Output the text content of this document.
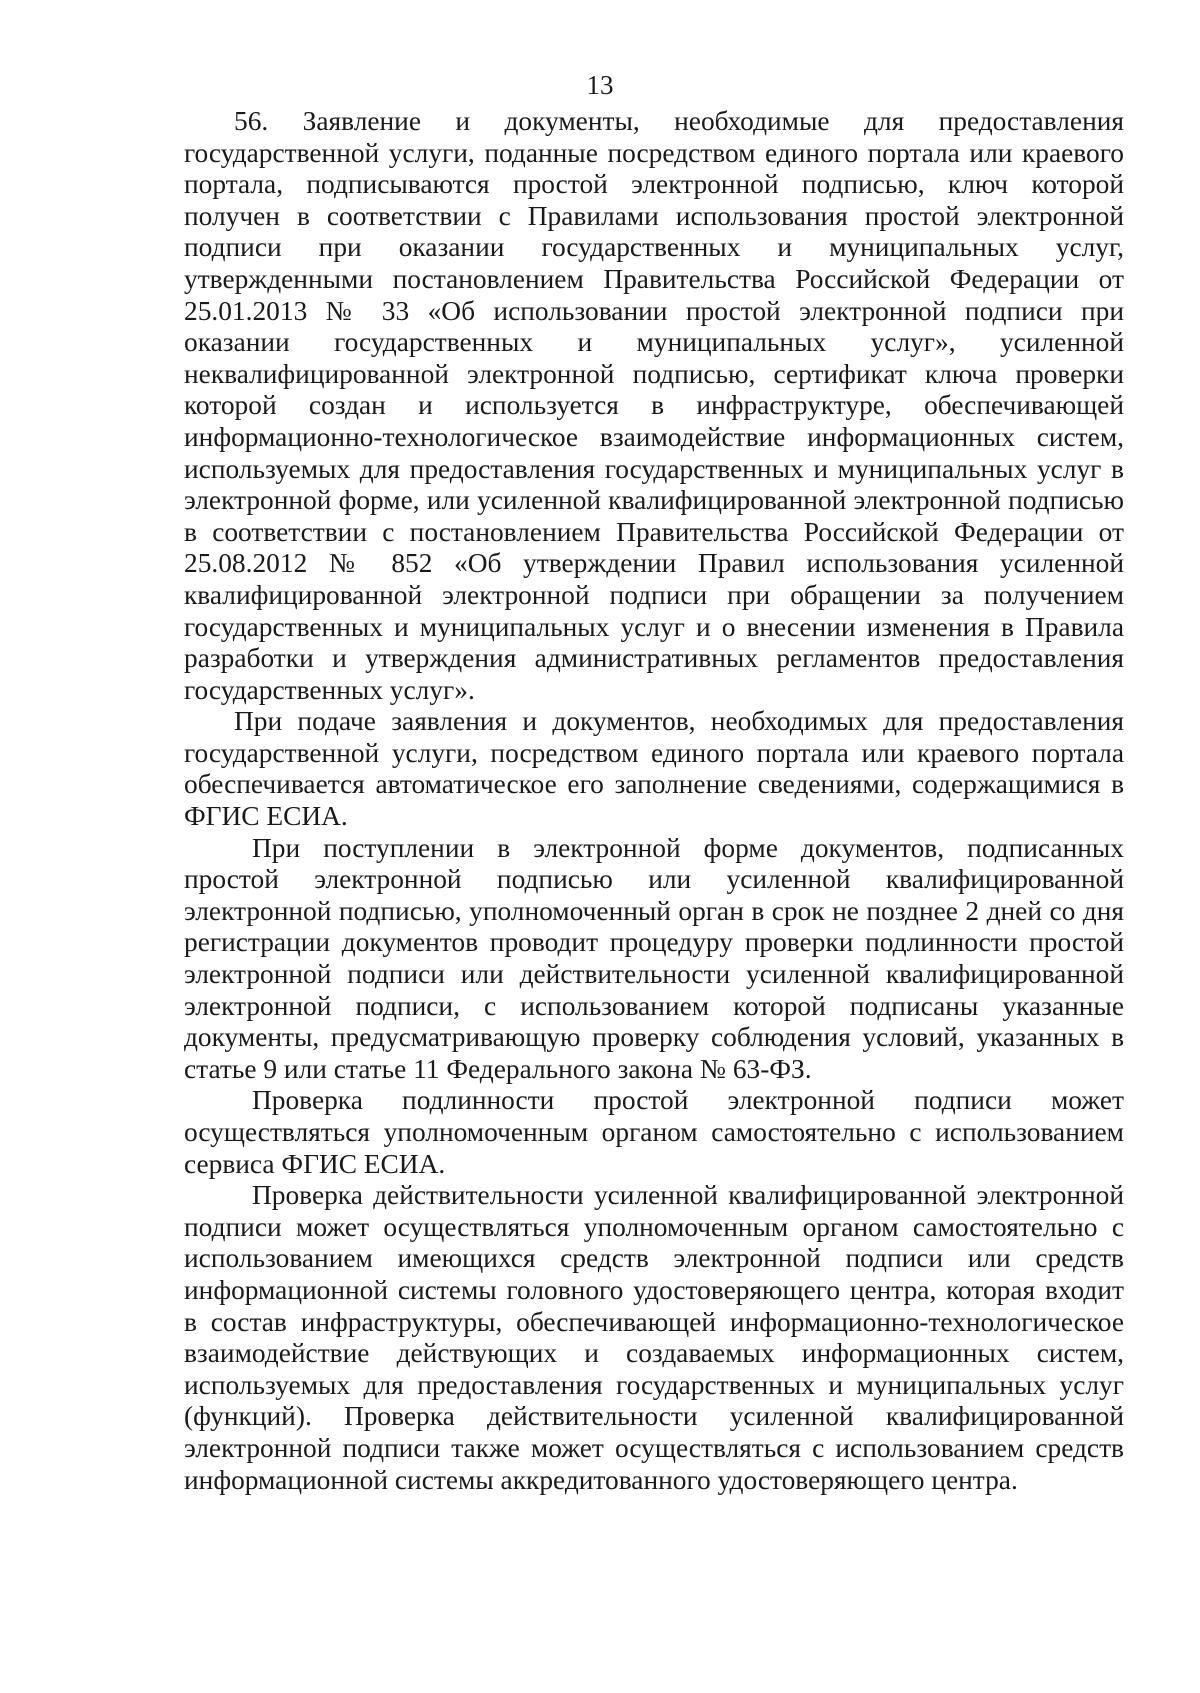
13

56. Заявление и документы, необходимые для предоставления государственной услуги, поданные посредством единого портала или краевого портала, подписываются простой электронной подписью, ключ которой получен в соответствии с Правилами использования простой электронной подписи при оказании государственных и муниципальных услуг, утвержденными постановлением Правительства Российской Федерации от 25.01.2013 № 33 «Об использовании простой электронной подписи при оказании государственных и муниципальных услуг», усиленной неквалифицированной электронной подписью, сертификат ключа проверки которой создан и используется в инфраструктуре, обеспечивающей информационно-технологическое взаимодействие информационных систем, используемых для предоставления государственных и муниципальных услуг в электронной форме, или усиленной квалифицированной электронной подписью в соответствии с постановлением Правительства Российской Федерации от 25.08.2012 № 852 «Об утверждении Правил использования усиленной квалифицированной электронной подписи при обращении за получением государственных и муниципальных услуг и о внесении изменения в Правила разработки и утверждения административных регламентов предоставления государственных услуг».

При подаче заявления и документов, необходимых для предоставления государственной услуги, посредством единого портала или краевого портала обеспечивается автоматическое его заполнение сведениями, содержащимися в ФГИС ЕСИА.

При поступлении в электронной форме документов, подписанных простой электронной подписью или усиленной квалифицированной электронной подписью, уполномоченный орган в срок не позднее 2 дней со дня регистрации документов проводит процедуру проверки подлинности простой электронной подписи или действительности усиленной квалифицированной электронной подписи, с использованием которой подписаны указанные документы, предусматривающую проверку соблюдения условий, указанных в статье 9 или статье 11 Федерального закона № 63-ФЗ.

Проверка подлинности простой электронной подписи может осуществляться уполномоченным органом самостоятельно с использованием сервиса ФГИС ЕСИА.

Проверка действительности усиленной квалифицированной электронной подписи может осуществляться уполномоченным органом самостоятельно с использованием имеющихся средств электронной подписи или средств информационной системы головного удостоверяющего центра, которая входит в состав инфраструктуры, обеспечивающей информационно-технологическое взаимодействие действующих и создаваемых информационных систем, используемых для предоставления государственных и муниципальных услуг (функций). Проверка действительности усиленной квалифицированной электронной подписи также может осуществляться с использованием средств информационной системы аккредитованного удостоверяющего центра.
